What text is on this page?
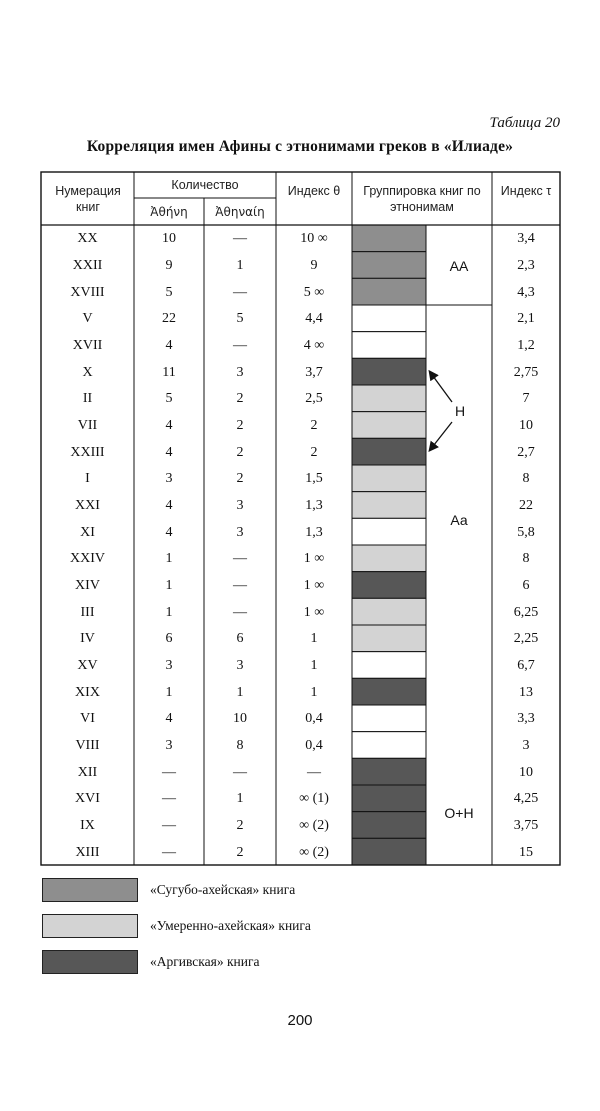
Таблица 20
Корреляция имен Афины с этнонимами греков в «Илиаде»
Нумерация книг
Количество
Ἀθήνη	Ἀθηναίη
Индекс θ	Группировка книг по этнонимам
Индекс τ
XX	10	—	10 ∞	3,4
XXII	9	1	9	2,3
XVIII	5	—	5 ∞	4,3
V	22	5	4,4	2,1
XVII	4	—	4 ∞	1,2
X	11	3	3,7	2,75
II	5	2	2,5	7
VII	4	2	2	10
XXIII	4	2	2	2,7
I	3	2	1,5	8
XXI	4	3	1,3	22
XI	4	3	1,3	5,8
XXIV	1	—	1 ∞	8
XIV	1	—	1 ∞	6
III	1	—	1 ∞	6,25
IV	6	6	1	2,25
XV	3	3	1	6,7
XIX	1	1	1	13
VI	4	10	0,4	3,3
VIII	3	8	0,4	3
XII	—	—	—	10
XVI	—	1	∞ (1)	4,25
IX	—	2	∞ (2)	3,75
XIII	—	2	∞ (2)	15
АА
Н
Аа
О+Н
«Сугубо-ахейская» книга
«Умеренно-ахейская» книга
«Аргивская» книга
200
